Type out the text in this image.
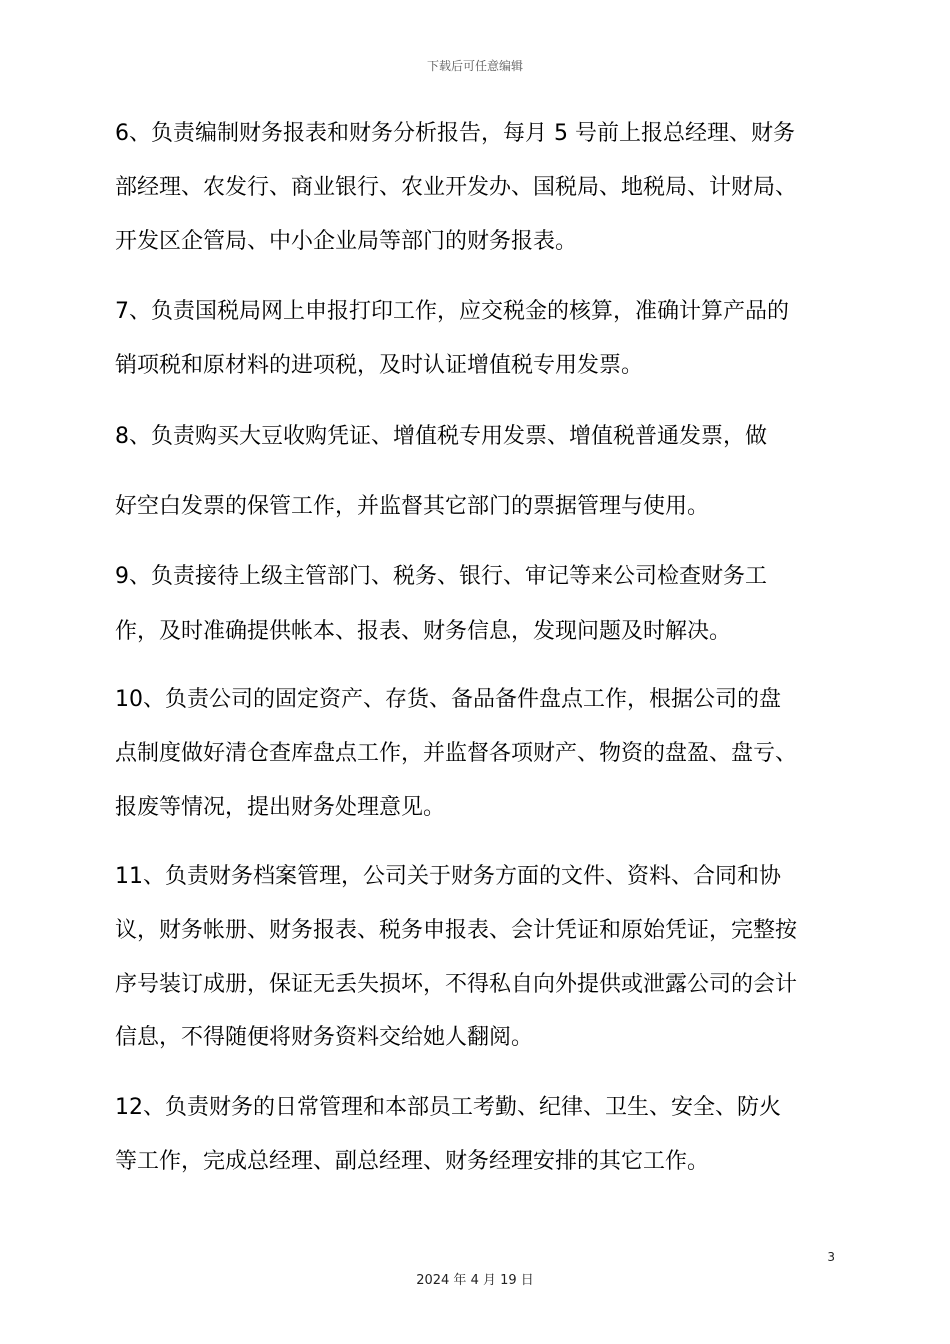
下载后可任意编辑
6、负责编制财务报表和财务分析报告，每月 5 号前上报总经理、财务
部经理、农发行、商业银行、农业开发办、国税局、地税局、计财局、
开发区企管局、中小企业局等部门的财务报表。
7、负责国税局网上申报打印工作，应交税金的核算，准确计算产品的
销项税和原材料的进项税，及时认证增值税专用发票。
8、负责购买大豆收购凭证、增值税专用发票、增值税普通发票，做
好空白发票的保管工作，并监督其它部门的票据管理与使用。
9、负责接待上级主管部门、税务、银行、审记等来公司检查财务工
作，及时准确提供帐本、报表、财务信息，发现问题及时解决。
10、负责公司的固定资产、存货、备品备件盘点工作，根据公司的盘
点制度做好清仓查库盘点工作，并监督各项财产、物资的盘盈、盘亏、
报废等情况，提出财务处理意见。
11、负责财务档案管理，公司关于财务方面的文件、资料、合同和协
议，财务帐册、财务报表、税务申报表、会计凭证和原始凭证，完整按
序号装订成册，保证无丢失损坏，不得私自向外提供或泄露公司的会计
信息，不得随便将财务资料交给她人翻阅。
12、负责财务的日常管理和本部员工考勤、纪律、卫生、安全、防火
等工作，完成总经理、副总经理、财务经理安排的其它工作。
3
2024 年 4 月 19 日
